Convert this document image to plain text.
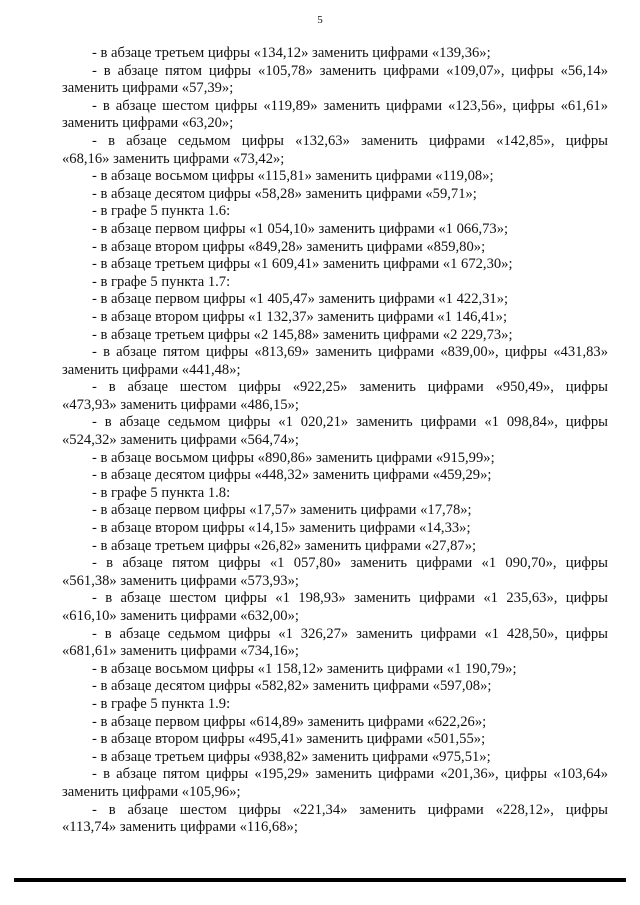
5
- в абзаце третьем цифры «134,12» заменить цифрами «139,36»;
- в абзаце пятом цифры «105,78» заменить цифрами «109,07», цифры «56,14»
заменить цифрами «57,39»;
- в абзаце шестом цифры «119,89» заменить цифрами «123,56», цифры «61,61»
заменить цифрами «63,20»;
- в абзаце седьмом цифры «132,63» заменить цифрами «142,85», цифры
«68,16» заменить цифрами «73,42»;
- в абзаце восьмом цифры «115,81» заменить цифрами «119,08»;
- в абзаце десятом цифры «58,28» заменить цифрами «59,71»;
- в графе 5 пункта 1.6:
- в абзаце первом цифры «1 054,10» заменить цифрами «1 066,73»;
- в абзаце втором цифры «849,28» заменить цифрами «859,80»;
- в абзаце третьем цифры «1 609,41» заменить цифрами «1 672,30»;
- в графе 5 пункта 1.7:
- в абзаце первом цифры «1 405,47» заменить цифрами «1 422,31»;
- в абзаце втором цифры «1 132,37» заменить цифрами «1 146,41»;
- в абзаце третьем цифры «2 145,88» заменить цифрами «2 229,73»;
- в абзаце пятом цифры «813,69» заменить цифрами «839,00», цифры «431,83»
заменить цифрами «441,48»;
- в абзаце шестом цифры «922,25» заменить цифрами «950,49», цифры
«473,93» заменить цифрами «486,15»;
- в абзаце седьмом цифры «1 020,21» заменить цифрами «1 098,84», цифры
«524,32» заменить цифрами «564,74»;
- в абзаце восьмом цифры «890,86» заменить цифрами «915,99»;
- в абзаце десятом цифры «448,32» заменить цифрами «459,29»;
- в графе 5 пункта 1.8:
- в абзаце первом цифры «17,57» заменить цифрами «17,78»;
- в абзаце втором цифры «14,15» заменить цифрами «14,33»;
- в абзаце третьем цифры «26,82» заменить цифрами «27,87»;
- в абзаце пятом цифры «1 057,80» заменить цифрами «1 090,70», цифры
«561,38» заменить цифрами «573,93»;
- в абзаце шестом цифры «1 198,93» заменить цифрами «1 235,63», цифры
«616,10» заменить цифрами «632,00»;
- в абзаце седьмом цифры «1 326,27» заменить цифрами «1 428,50», цифры
«681,61» заменить цифрами «734,16»;
- в абзаце восьмом цифры «1 158,12» заменить цифрами «1 190,79»;
- в абзаце десятом цифры «582,82» заменить цифрами «597,08»;
- в графе 5 пункта 1.9:
- в абзаце первом цифры «614,89» заменить цифрами «622,26»;
- в абзаце втором цифры «495,41» заменить цифрами «501,55»;
- в абзаце третьем цифры «938,82» заменить цифрами «975,51»;
- в абзаце пятом цифры «195,29» заменить цифрами «201,36», цифры «103,64»
заменить цифрами «105,96»;
- в абзаце шестом цифры «221,34» заменить цифрами «228,12», цифры
«113,74» заменить цифрами «116,68»;
